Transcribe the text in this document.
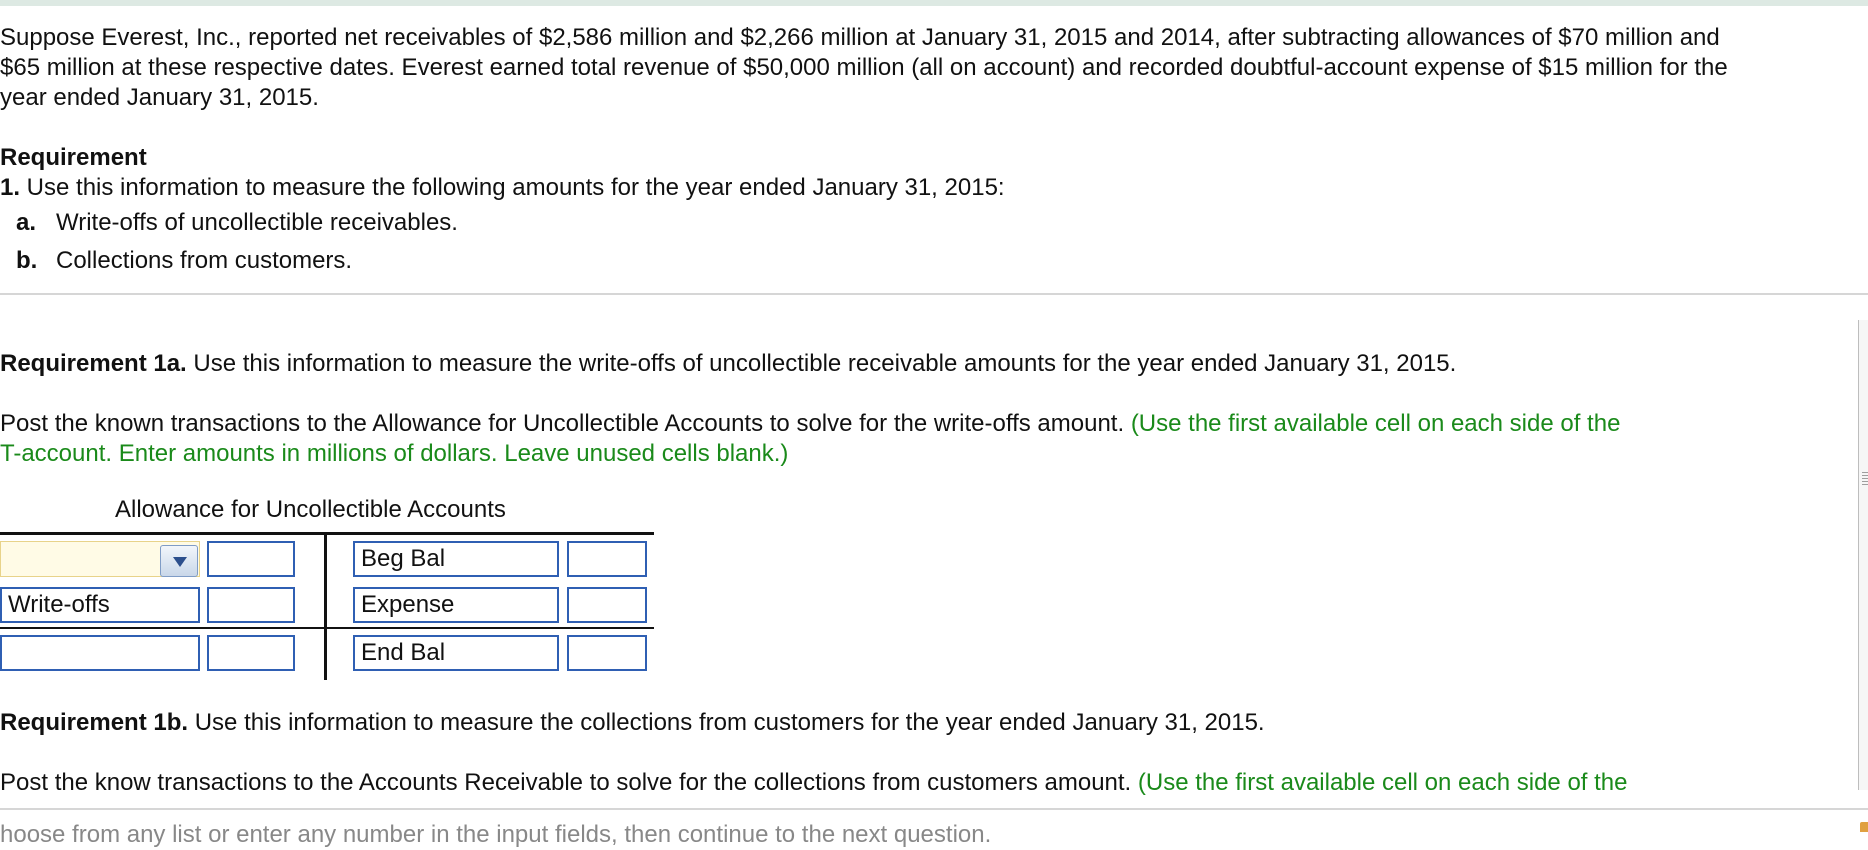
Suppose Everest, Inc., reported net receivables of $2,586 million and $2,266 million at January 31, 2015 and 2014, after subtracting allowances of $70 million and
$65 million at these respective dates. Everest earned total revenue of $50,000 million (all on account) and recorded doubtful-account expense of $15 million for the
year ended January 31, 2015.
Requirement
1. Use this information to measure the following amounts for the year ended January 31, 2015:
a. Write-offs of uncollectible receivables.
b. Collections from customers.
Requirement 1a. Use this information to measure the write-offs of uncollectible receivable amounts for the year ended January 31, 2015.
Post the known transactions to the Allowance for Uncollectible Accounts to solve for the write-offs amount. (Use the first available cell on each side of the
T-account. Enter amounts in millions of dollars. Leave unused cells blank.)
Allowance for Uncollectible Accounts
Write-offs
Beg Bal
Expense
End Bal
Requirement 1b. Use this information to measure the collections from customers for the year ended January 31, 2015.
Post the know transactions to the Accounts Receivable to solve for the collections from customers amount. (Use the first available cell on each side of the
hoose from any list or enter any number in the input fields, then continue to the next question.
